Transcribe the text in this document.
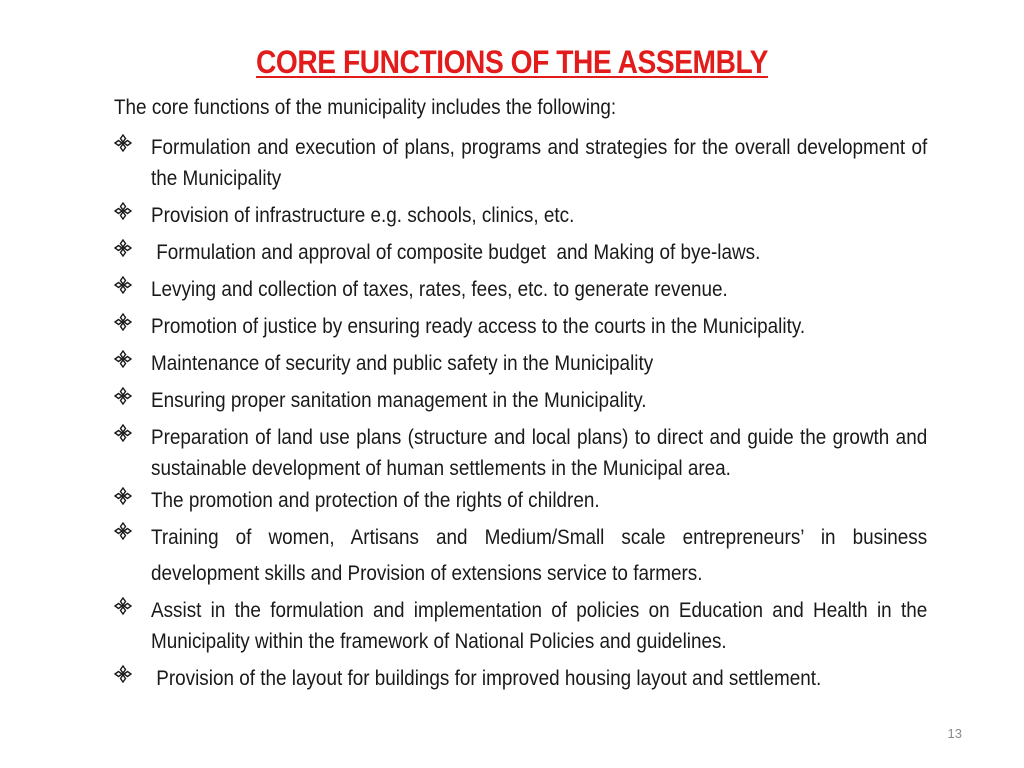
CORE FUNCTIONS OF THE ASSEMBLY
The core functions of the municipality includes the following:
Formulation and execution of plans, programs and strategies for the overall development of the Municipality
Provision of infrastructure e.g. schools, clinics, etc.
Formulation and approval of composite budget  and Making of bye-laws.
Levying and collection of taxes, rates, fees, etc. to generate revenue.
Promotion of justice by ensuring ready access to the courts in the Municipality.
Maintenance of security and public safety in the Municipality
Ensuring proper sanitation management in the Municipality.
Preparation of land use plans (structure and local plans) to direct and guide the growth and sustainable development of human settlements in the Municipal area.
The promotion and protection of the rights of children.
Training of women, Artisans and Medium/Small scale entrepreneurs’ in business development skills and Provision of extensions service to farmers.
Assist in the formulation and implementation of policies on Education and Health in the Municipality within the framework of National Policies and guidelines.
Provision of the layout for buildings for improved housing layout and settlement.
13
